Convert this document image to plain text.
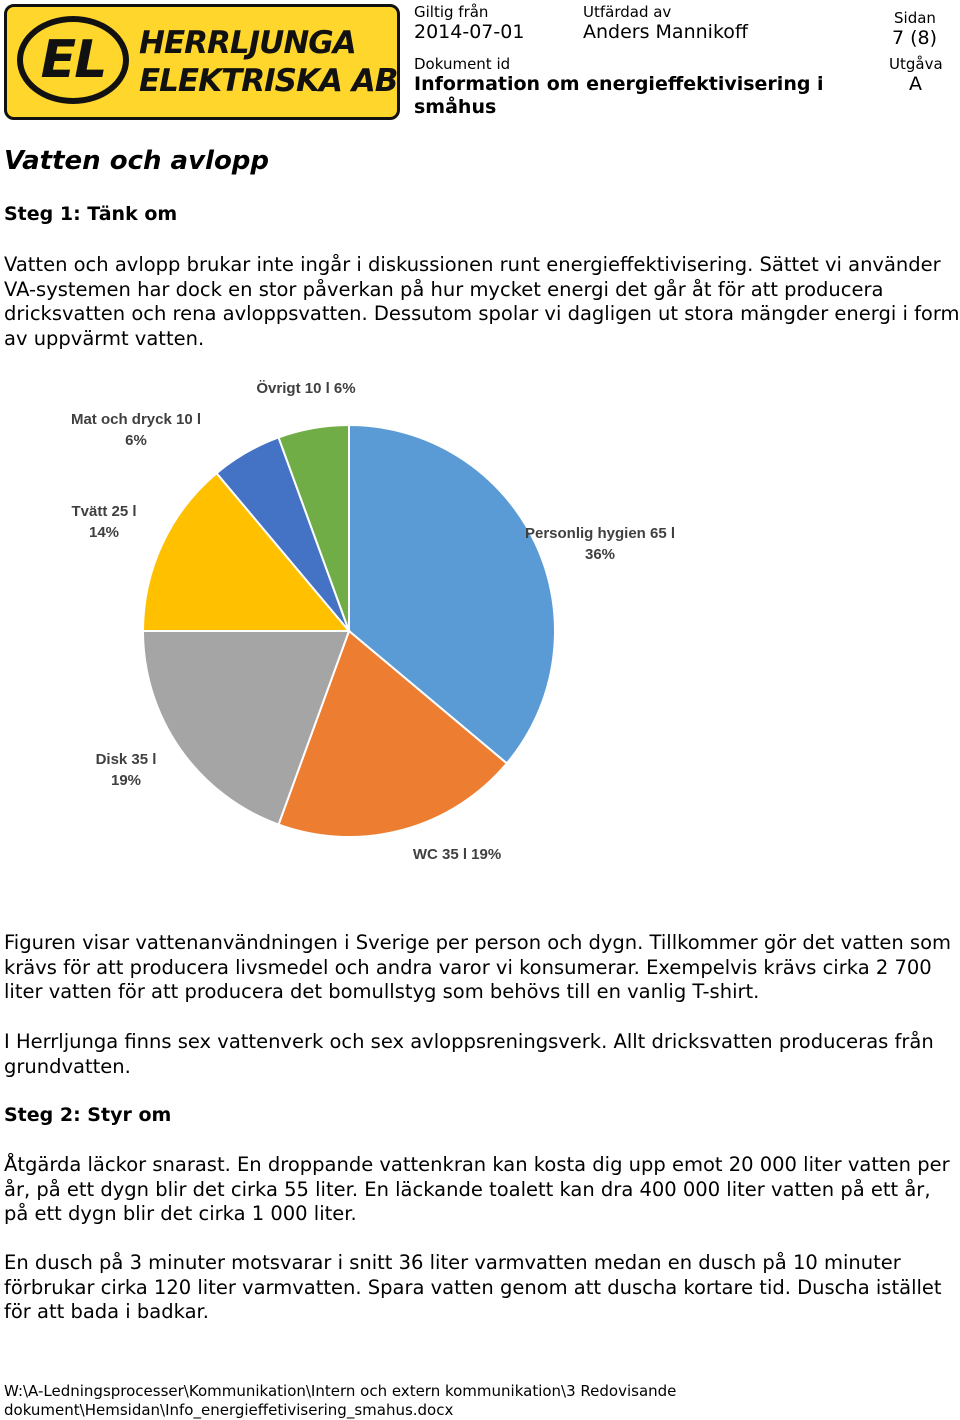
EL HERRLJUNGA
ELEKTRISKA AB
Giltig från
2014-07-01
Utfärdad av
Anders Mannikoff
Sidan
7 (8)
Dokument id
Information om energieffektivisering i småhus
Utgåva
A
Vatten och avlopp
Steg 1: Tänk om

Vatten och avlopp brukar inte ingår i diskussionen runt energieffektivisering. Sättet vi använder VA-systemen har dock en stor påverkan på hur mycket energi det går åt för att producera dricksvatten och rena avloppsvatten. Dessutom spolar vi dagligen ut stora mängder energi i form av uppvärmt vatten.

Personlig hygien 65 l
36%
WC 35 l 19%
Disk 35 l
19%
Tvätt 25 l
14%
Mat och dryck 10 l
6%
Övrigt 10 l 6%

Figuren visar vattenanvändningen i Sverige per person och dygn. Tillkommer gör det vatten som krävs för att producera livsmedel och andra varor vi konsumerar. Exempelvis krävs cirka 2 700 liter vatten för att producera det bomullstyg som behövs till en vanlig T-shirt.

I Herrljunga finns sex vattenverk och sex avloppsreningsverk. Allt dricksvatten produceras från grundvatten.

Steg 2: Styr om

Åtgärda läckor snarast. En droppande vattenkran kan kosta dig upp emot 20 000 liter vatten per år, på ett dygn blir det cirka 55 liter. En läckande toalett kan dra 400 000 liter vatten på ett år, på ett dygn blir det cirka 1 000 liter.

En dusch på 3 minuter motsvarar i snitt 36 liter varmvatten medan en dusch på 10 minuter förbrukar cirka 120 liter varmvatten. Spara vatten genom att duscha kortare tid. Duscha istället för att bada i badkar.

W:\A-Ledningsprocesser\Kommunikation\Intern och extern kommunikation\3 Redovisande
dokument\Hemsidan\Info_energieffetivisering_smahus.docx
